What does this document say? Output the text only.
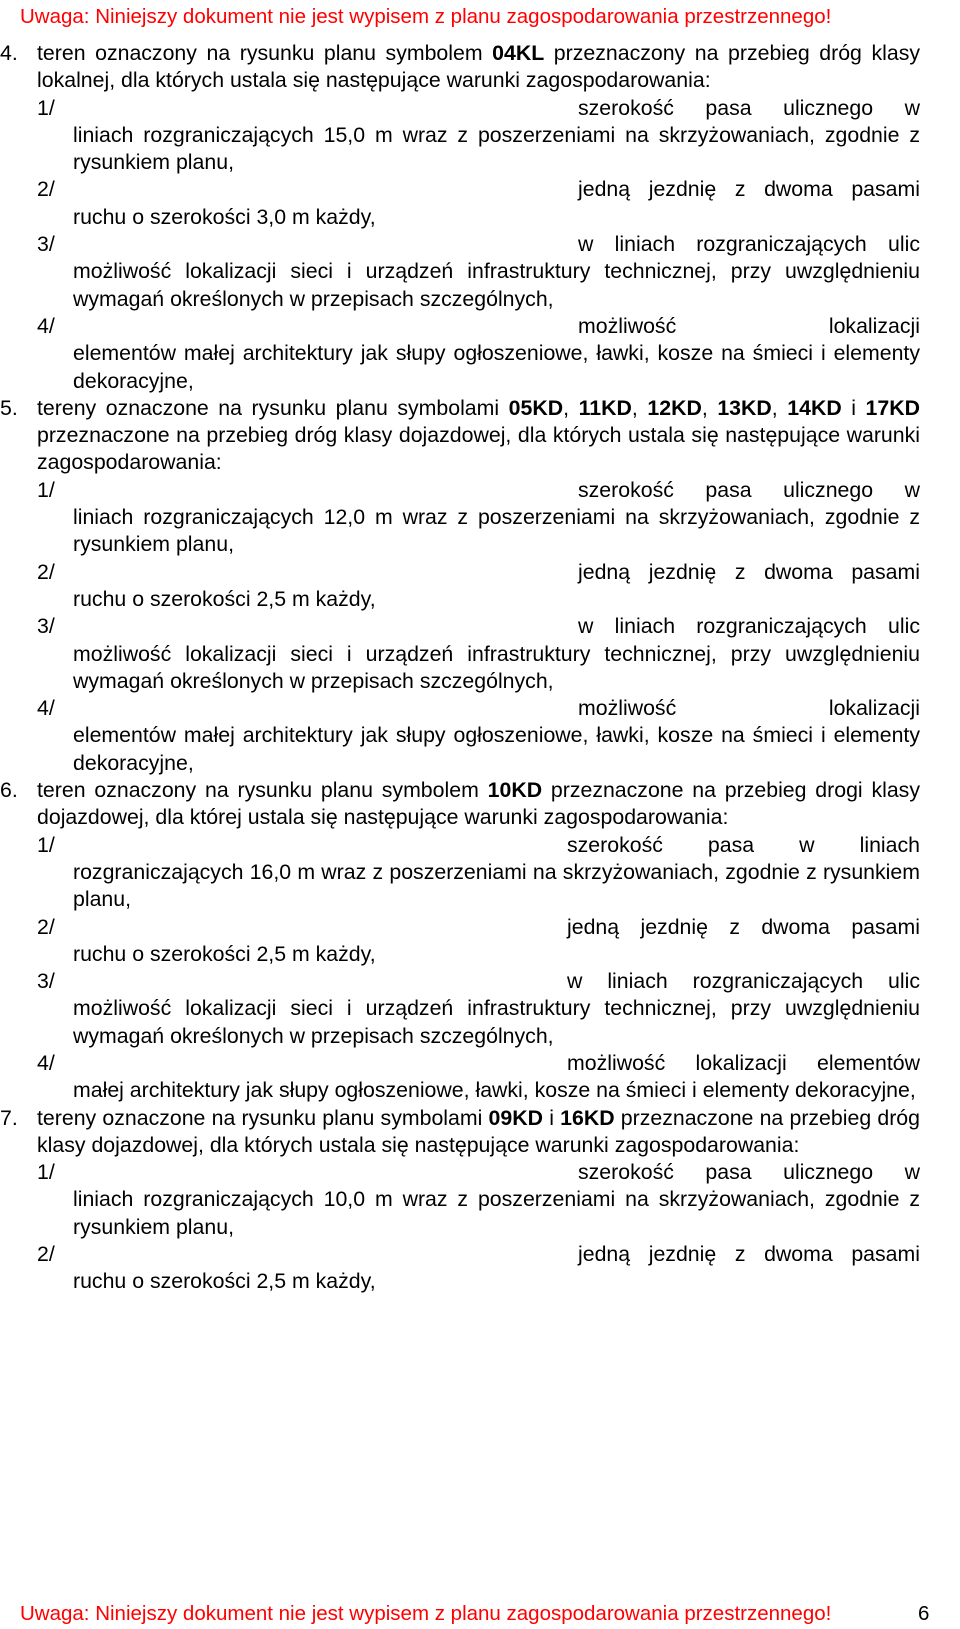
Uwaga: Niniejszy dokument nie jest wypisem z planu zagospodarowania przestrzennego!
4. teren oznaczony na rysunku planu symbolem 04KL przeznaczony na przebieg dróg klasy lokalnej, dla których ustala się następujące warunki zagospodarowania:
1/	szerokość pasa ulicznego w
liniach rozgraniczających 15,0 m wraz z poszerzeniami na skrzyżowaniach, zgodnie z rysunkiem planu,
2/	jedną jezdnię z dwoma pasami
ruchu o szerokości 3,0 m każdy,
3/	w liniach rozgraniczających ulic
możliwość lokalizacji sieci i urządzeń infrastruktury technicznej, przy uwzględnieniu wymagań określonych w przepisach szczególnych,
4/	możliwość lokalizacji
elementów małej architektury jak słupy ogłoszeniowe, ławki, kosze na śmieci i elementy dekoracyjne,
5. tereny oznaczone na rysunku planu symbolami 05KD, 11KD, 12KD, 13KD, 14KD i 17KD przeznaczone na przebieg dróg klasy dojazdowej, dla których ustala się następujące warunki zagospodarowania:
1/	szerokość pasa ulicznego w
liniach rozgraniczających 12,0 m wraz z poszerzeniami na skrzyżowaniach, zgodnie z rysunkiem planu,
2/	jedną jezdnię z dwoma pasami
ruchu o szerokości 2,5 m każdy,
3/	w liniach rozgraniczających ulic
możliwość lokalizacji sieci i urządzeń infrastruktury technicznej, przy uwzględnieniu wymagań określonych w przepisach szczególnych,
4/	możliwość lokalizacji
elementów małej architektury jak słupy ogłoszeniowe, ławki, kosze na śmieci i elementy dekoracyjne,
6. teren oznaczony na rysunku planu symbolem 10KD przeznaczone na przebieg drogi klasy dojazdowej, dla której ustala się następujące warunki zagospodarowania:
1/	szerokość pasa w liniach
rozgraniczających 16,0 m wraz z poszerzeniami na skrzyżowaniach, zgodnie z rysunkiem planu,
2/	jedną jezdnię z dwoma pasami
ruchu o szerokości 2,5 m każdy,
3/	w liniach rozgraniczających ulic
możliwość lokalizacji sieci i urządzeń infrastruktury technicznej, przy uwzględnieniu wymagań określonych w przepisach szczególnych,
4/	możliwość lokalizacji elementów
małej architektury jak słupy ogłoszeniowe, ławki, kosze na śmieci i elementy dekoracyjne,
7. tereny oznaczone na rysunku planu symbolami 09KD i 16KD przeznaczone na przebieg dróg klasy dojazdowej, dla których ustala się następujące warunki zagospodarowania:
1/	szerokość pasa ulicznego w
liniach rozgraniczających 10,0 m wraz z poszerzeniami na skrzyżowaniach, zgodnie z rysunkiem planu,
2/	jedną jezdnię z dwoma pasami
ruchu o szerokości 2,5 m każdy,
Uwaga: Niniejszy dokument nie jest wypisem z planu zagospodarowania przestrzennego!	6
